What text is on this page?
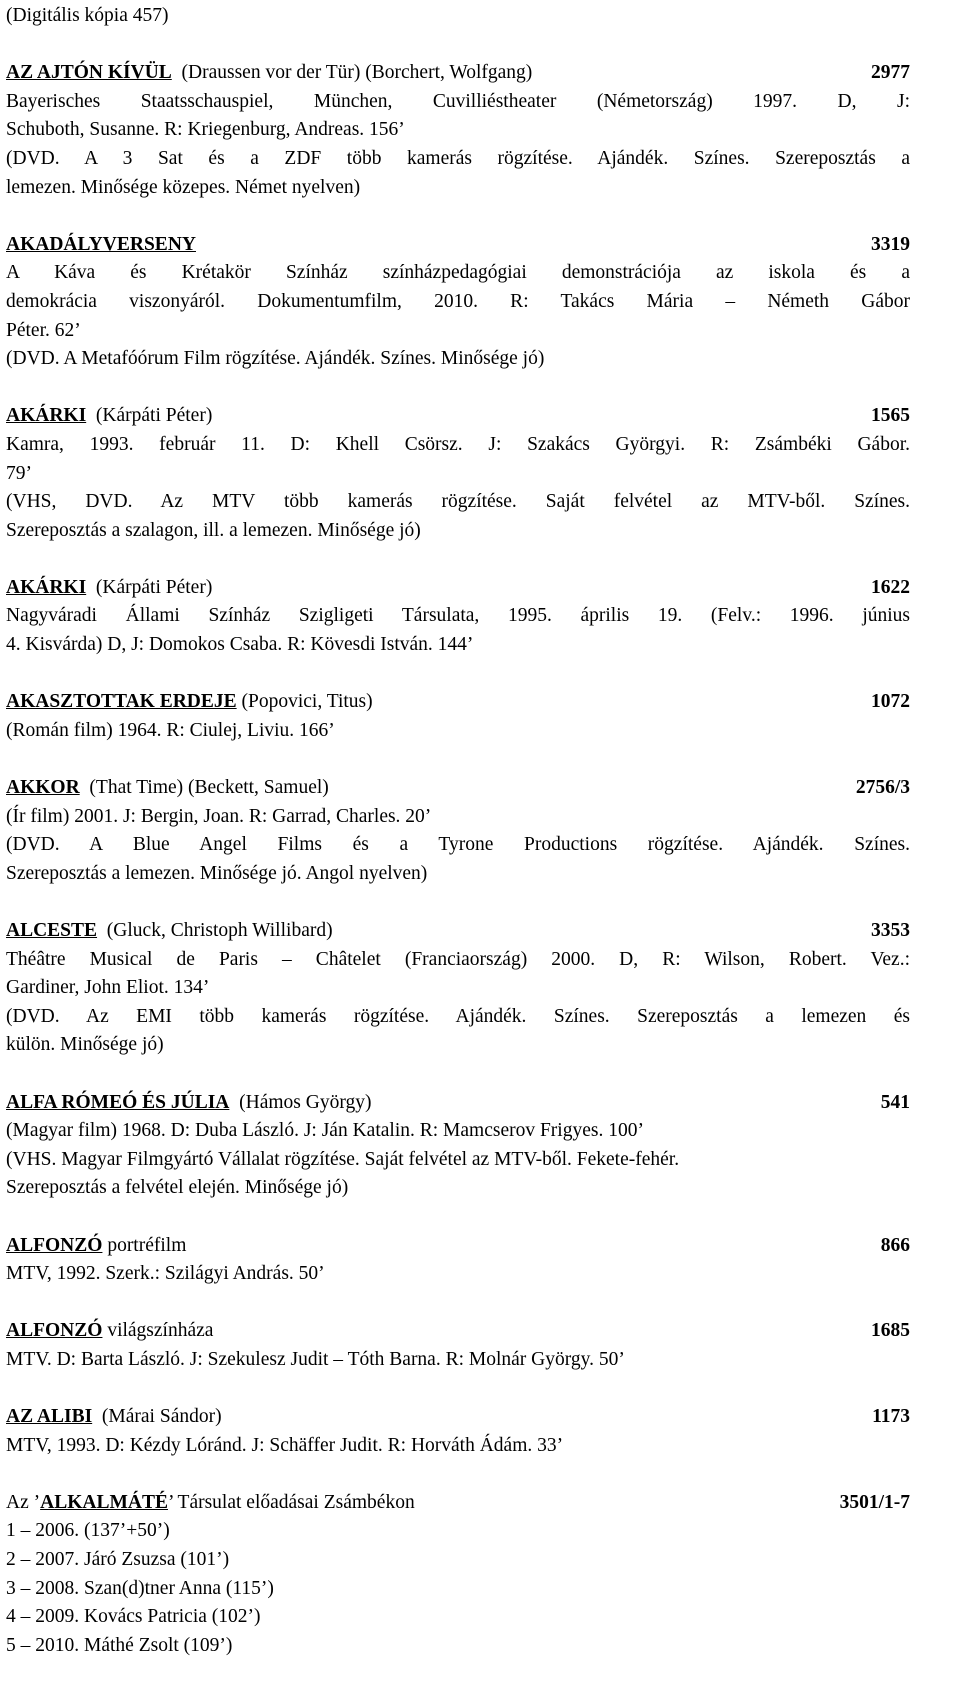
(Digitális kópia 457)
AZ AJTÓN KÍVÜL  (Draussen vor der Tür) (Borchert, Wolfgang)	2977
Bayerisches Staatsschauspiel, München, Cuvilliéstheater (Németország) 1997. D, J:
Schuboth, Susanne. R: Kriegenburg, Andreas. 156’
(DVD. A 3 Sat és a ZDF több kamerás rögzítése. Ajándék. Színes. Szereposztás a
lemezen. Minősége közepes. Német nyelven)
AKADÁLYVERSENY	3319
A Káva és Krétakör Színház színházpedagógiai demonstrációja az iskola és a
demokrácia viszonyáról. Dokumentumfilm, 2010. R: Takács Mária – Németh Gábor
Péter. 62’
(DVD. A Metafóórum Film rögzítése. Ajándék. Színes. Minősége jó)
AKÁRKI  (Kárpáti Péter)	1565
Kamra, 1993. február 11. D: Khell Csörsz. J: Szakács Györgyi. R: Zsámbéki Gábor.
79’
(VHS, DVD. Az MTV több kamerás rögzítése. Saját felvétel az MTV-ből. Színes.
Szereposztás a szalagon, ill. a lemezen. Minősége jó)
AKÁRKI  (Kárpáti Péter)	1622
Nagyváradi Állami Színház Szigligeti Társulata, 1995. április 19. (Felv.: 1996. június
4. Kisvárda) D, J: Domokos Csaba. R: Kövesdi István. 144’
AKASZTOTTAK ERDEJE (Popovici, Titus)	1072
(Román film) 1964. R: Ciulej, Liviu. 166’
AKKOR  (That Time) (Beckett, Samuel)	2756/3
(Ír film) 2001. J: Bergin, Joan. R: Garrad, Charles. 20’
(DVD. A Blue Angel Films és a Tyrone Productions rögzítése. Ajándék. Színes.
Szereposztás a lemezen. Minősége jó. Angol nyelven)
ALCESTE  (Gluck, Christoph Willibard)	3353
Théâtre Musical de Paris – Châtelet (Franciaország) 2000. D, R: Wilson, Robert. Vez.:
Gardiner, John Eliot. 134’
(DVD. Az EMI több kamerás rögzítése. Ajándék. Színes. Szereposztás a lemezen és
külön. Minősége jó)
ALFA RÓMEÓ ÉS JÚLIA  (Hámos György)	541
(Magyar film) 1968. D: Duba László. J: Ján Katalin. R: Mamcserov Frigyes. 100’
(VHS. Magyar Filmgyártó Vállalat rögzítése. Saját felvétel az MTV-ből. Fekete-fehér.
Szereposztás a felvétel elején. Minősége jó)
ALFONZÓ portréfilm	866
MTV, 1992. Szerk.: Szilágyi András. 50’
ALFONZÓ világszínháza	1685
MTV. D: Barta László. J: Szekulesz Judit – Tóth Barna. R: Molnár György. 50’
AZ ALIBI  (Márai Sándor)	1173
MTV, 1993. D: Kézdy Lóránd. J: Schäffer Judit. R: Horváth Ádám. 33’
Az ’ALKALMÁTÉ’ Társulat előadásai Zsámbékon	3501/1-7
1 – 2006. (137’+50’)
2 – 2007. Járó Zsuzsa (101’)
3 – 2008. Szan(d)tner Anna (115’)
4 – 2009. Kovács Patricia (102’)
5 – 2010. Máthé Zsolt (109’)
